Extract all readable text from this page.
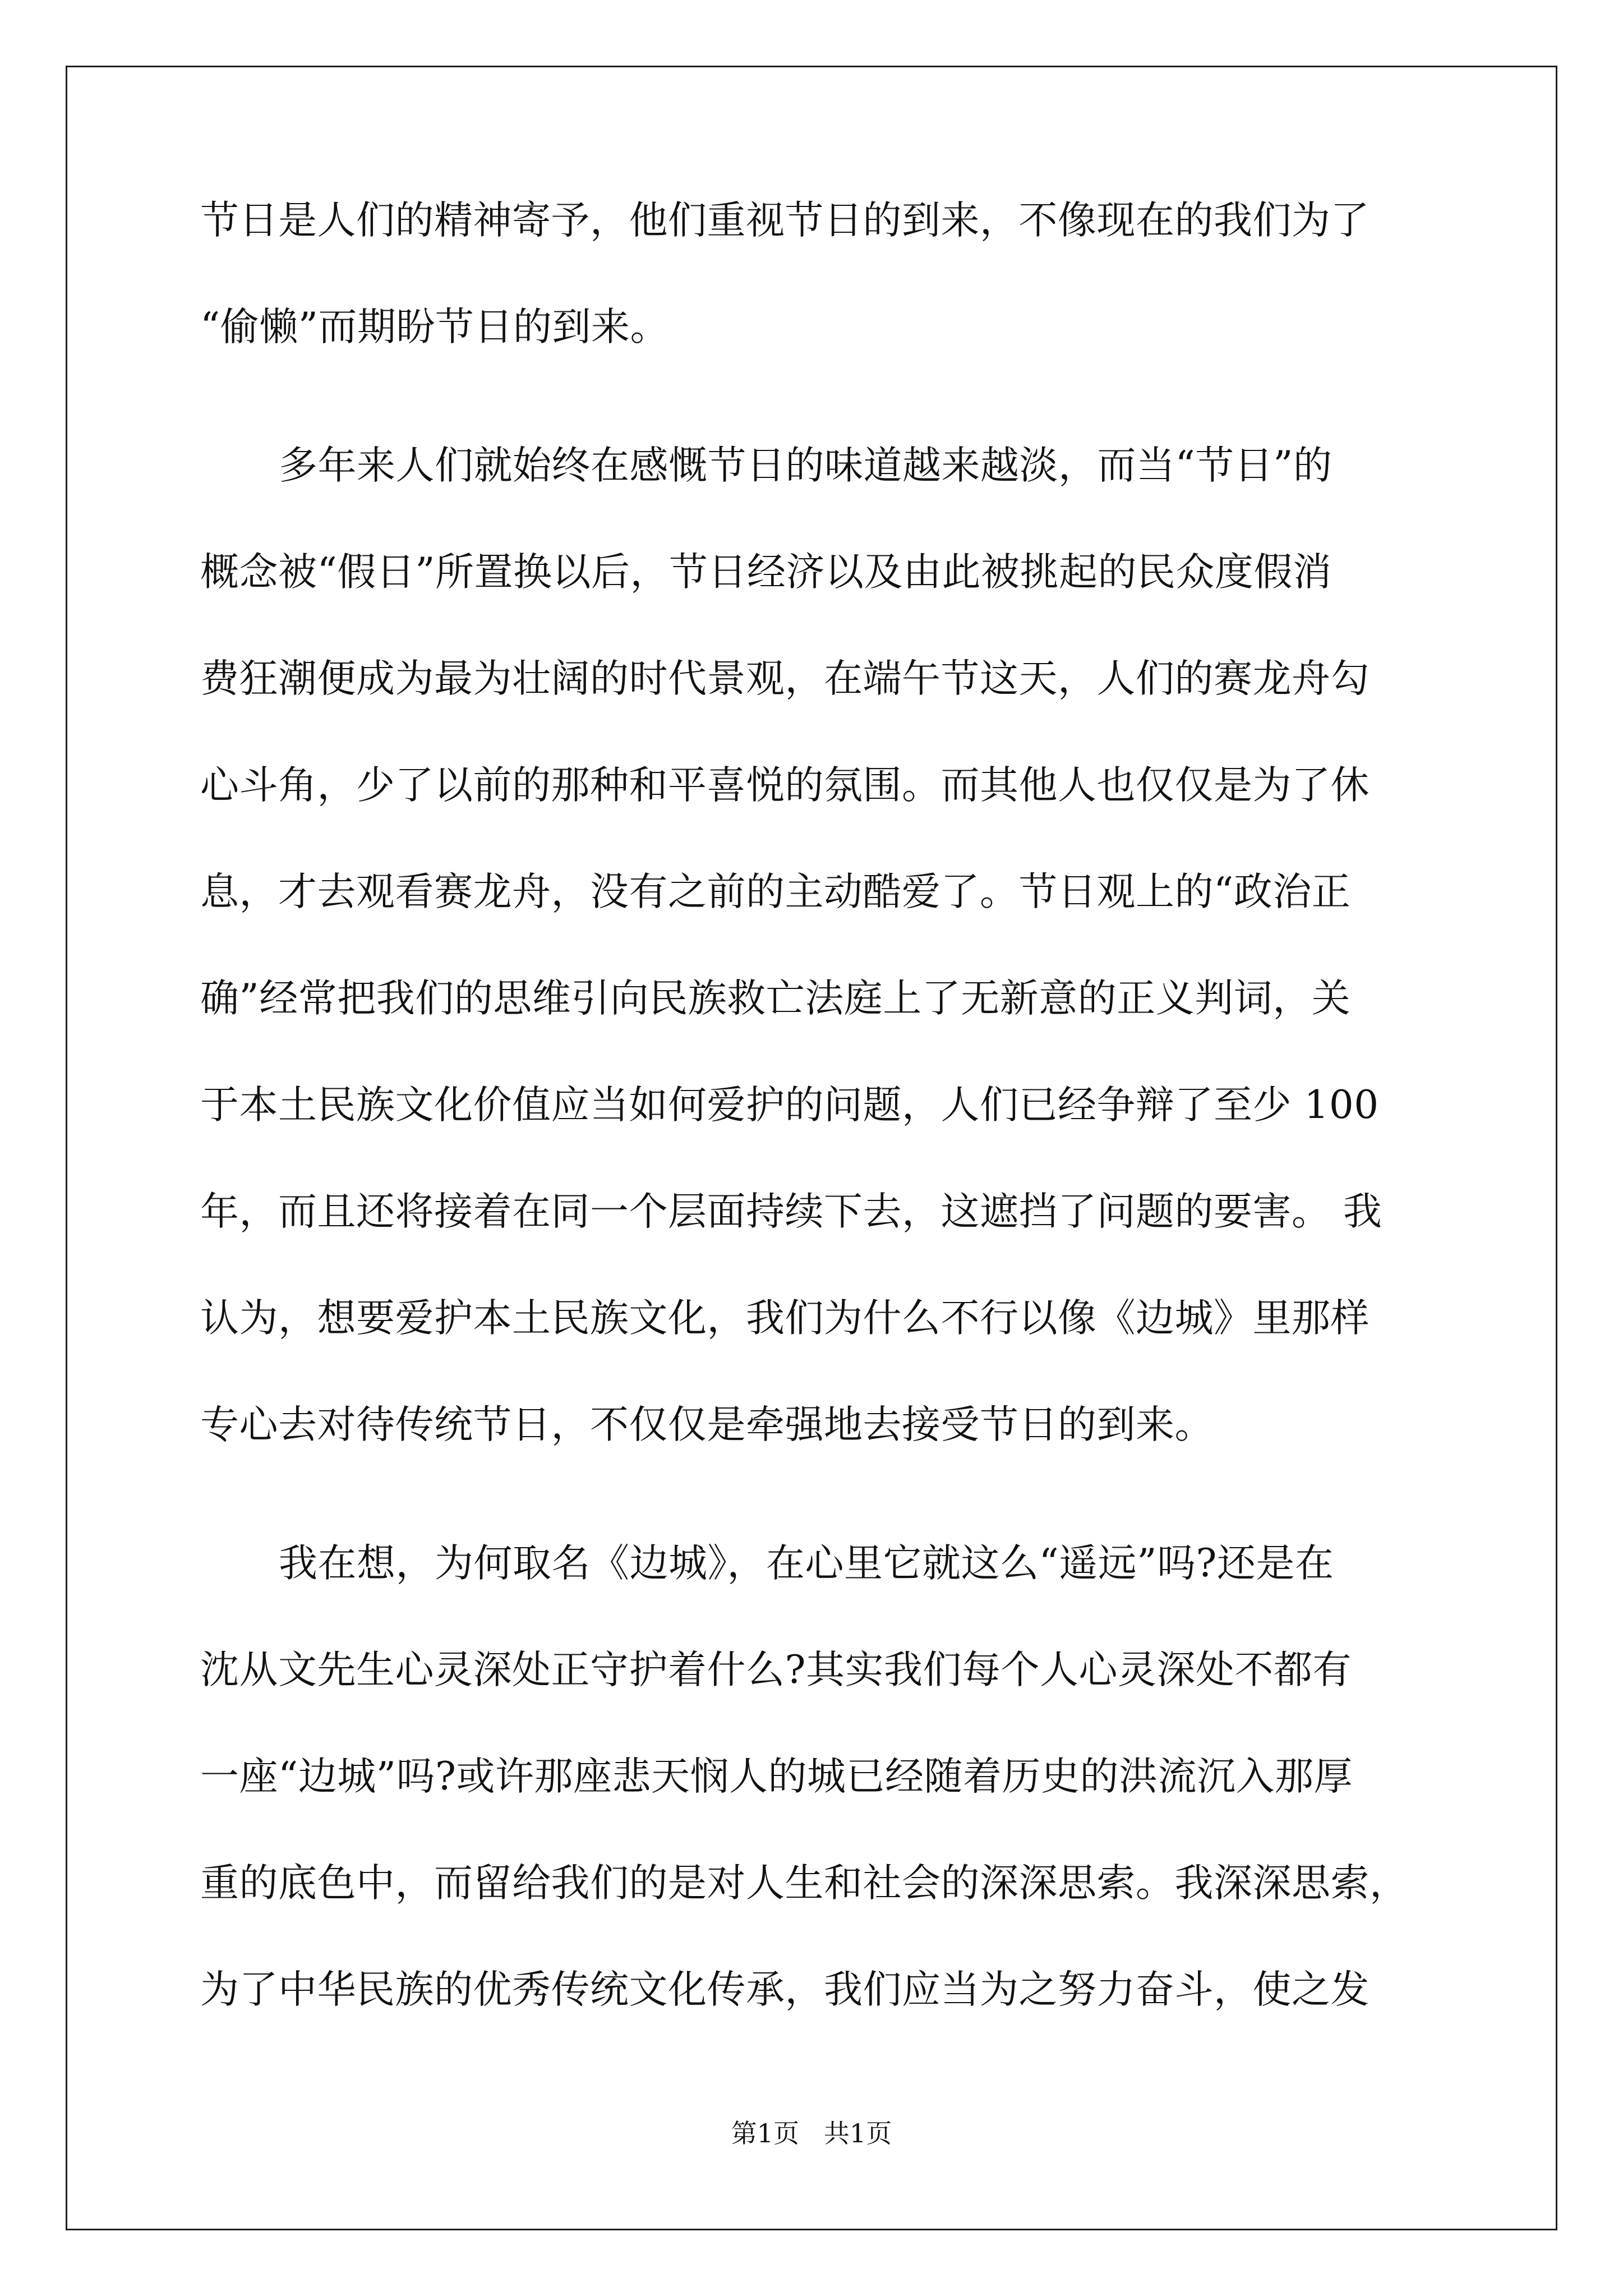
节日是人们的精神寄予，他们重视节日的到来，不像现在的我们为了
“偷懒”而期盼节日的到来。
多年来人们就始终在感慨节日的味道越来越淡，而当“节日”的
概念被“假日”所置换以后，节日经济以及由此被挑起的民众度假消
费狂潮便成为最为壮阔的时代景观，在端午节这天，人们的赛龙舟勾
心斗角，少了以前的那种和平喜悦的氛围。而其他人也仅仅是为了休
息，才去观看赛龙舟，没有之前的主动酷爱了。节日观上的“政治正
确”经常把我们的思维引向民族救亡法庭上了无新意的正义判词，关
于本土民族文化价值应当如何爱护的问题，人们已经争辩了至少 100
年，而且还将接着在同一个层面持续下去，这遮挡了问题的要害。 我
认为，想要爱护本土民族文化，我们为什么不行以像《边城》里那样
专心去对待传统节日，不仅仅是牵强地去接受节日的到来。
我在想，为何取名《边城》，在心里它就这么“遥远”吗?还是在
沈从文先生心灵深处正守护着什么?其实我们每个人心灵深处不都有
一座“边城”吗?或许那座悲天悯人的城已经随着历史的洪流沉入那厚
重的底色中，而留给我们的是对人生和社会的深深思索。我深深思索，
为了中华民族的优秀传统文化传承，我们应当为之努力奋斗，使之发
第1页   共1页
